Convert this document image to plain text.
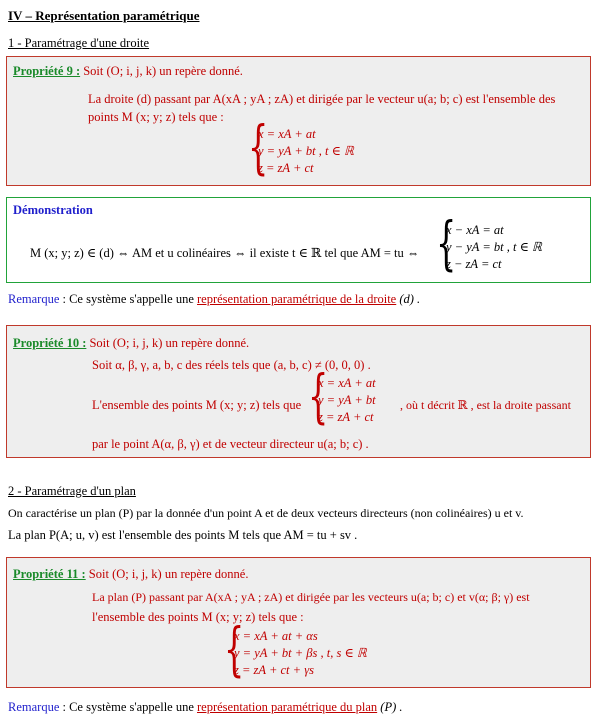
IV – Représentation paramétrique
1 - Paramétrage d'une droite
Propriété 9 : Soit (O; i, j, k) un repère donné.
La droite (d) passant par A(xA ; yA ; zA) et dirigée par le vecteur u(a; b; c) est l'ensemble des
points M (x; y; z) tels que : {
x = xA + at
y = yA + bt , t ∈ ℝ
z = zA + ct
Démonstration
M (x; y; z) ∈ (d) ⇔ AM et u colinéaires ⇔ il existe t ∈ ℝ tel que AM = tu ⇔ {
x − xA = at
y − yA = bt , t ∈ ℝ
z − zA = ct
Remarque : Ce système s'appelle une représentation paramétrique de la droite (d) .
Propriété 10 : Soit (O; i, j, k) un repère donné.
Soit α, β, γ, a, b, c des réels tels que (a, b, c) ≠ (0, 0, 0) .
L'ensemble des points M (x; y; z) tels que {
x = xA + at
y = yA + bt
z = zA + ct
, où t décrit ℝ , est la droite passant
par le point A(α, β, γ) et de vecteur directeur u(a; b; c) .
2 - Paramétrage d'un plan
On caractérise un plan (P) par la donnée d'un point A et de deux vecteurs directeurs (non colinéaires) u et v.
La plan P(A; u, v) est l'ensemble des points M tels que AM = tu + sv .
Propriété 11 : Soit (O; i, j, k) un repère donné.
La plan (P) passant par A(xA ; yA ; zA) et dirigée par les vecteurs u(a; b; c) et v(α; β; γ) est
l'ensemble des points M (x; y; z) tels que :
{
x = xA + at + αs
y = yA + bt + βs , t, s ∈ ℝ
z = zA + ct + γs
Remarque : Ce système s'appelle une représentation paramétrique du plan (P) .
